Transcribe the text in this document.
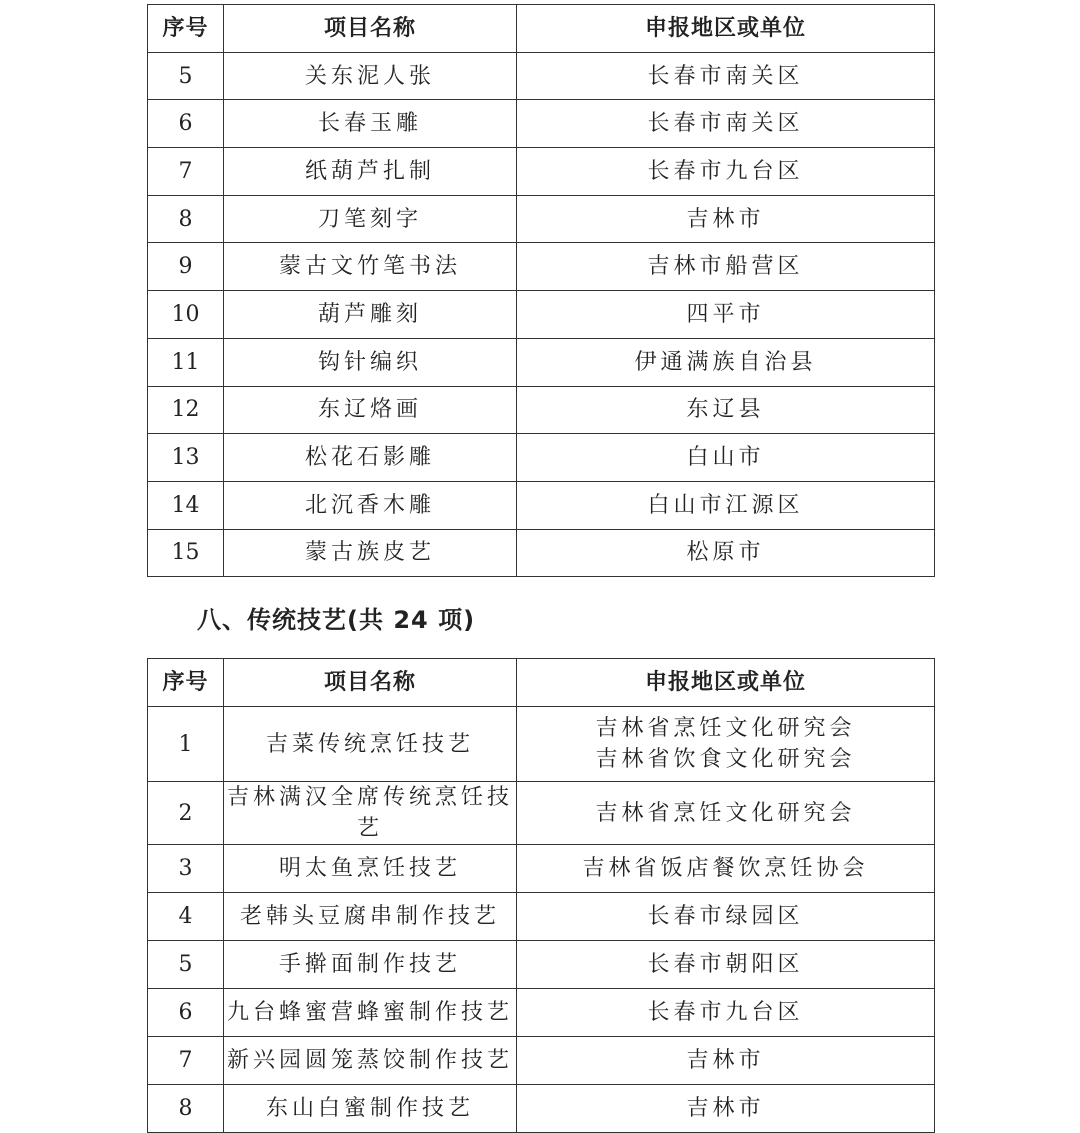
序号	项目名称	申报地区或单位
5	关东泥人张	长春市南关区

6	长春玉雕	长春市南关区

7	纸葫芦扎制	长春市九台区

8	刀笔刻字	吉林市

9	蒙古文竹笔书法	吉林市船营区

10	葫芦雕刻	四平市

11	钩针编织	伊通满族自治县

12	东辽烙画	东辽县

13	松花石影雕	白山市

14	北沉香木雕	白山市江源区

15	蒙古族皮艺	松原市
八、传统技艺(共 24 项)
序号	项目名称	申报地区或单位
1	吉菜传统烹饪技艺	吉林省烹饪文化研究会
吉林省饮食文化研究会

2	吉林满汉全席传统烹饪技艺	吉林省烹饪文化研究会

3	明太鱼烹饪技艺	吉林省饭店餐饮烹饪协会

4	老韩头豆腐串制作技艺	长春市绿园区

5	手擀面制作技艺	长春市朝阳区

6	九台蜂蜜营蜂蜜制作技艺	长春市九台区

7	新兴园圆笼蒸饺制作技艺	吉林市

8	东山白蜜制作技艺	吉林市
